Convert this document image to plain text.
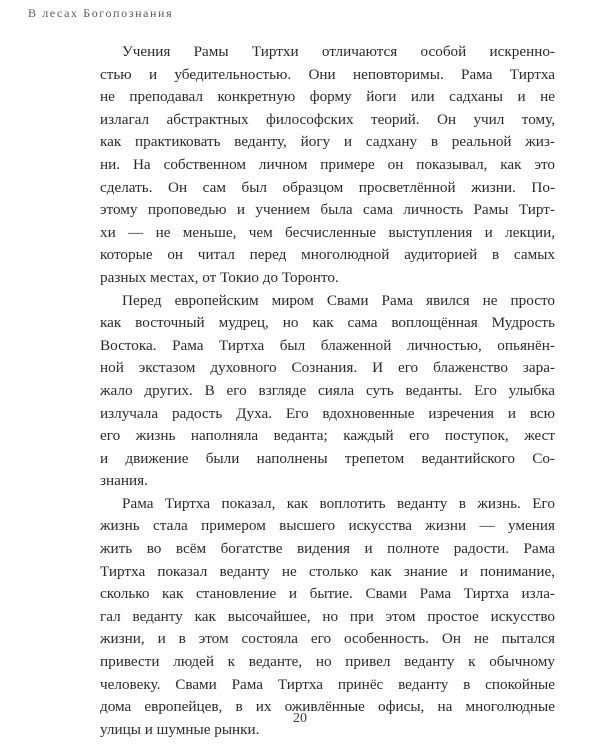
В лесах Богопознания
Учения Рамы Тиртхи отличаются особой искренно-
стью и убедительностью. Они неповторимы. Рама Тиртха
не преподавал конкретную форму йоги или садханы и не
излагал абстрактных философских теорий. Он учил тому,
как практиковать веданту, йогу и садхану в реальной жиз-
ни. На собственном личном примере он показывал, как это
сделать. Он сам был образцом просветлённой жизни. По-
этому проповедью и учением была сама личность Рамы Тирт-
хи — не меньше, чем бесчисленные выступления и лекции,
которые он читал перед многолюдной аудиторией в самых
разных местах, от Токио до Торонто.
Перед европейским миром Свами Рама явился не просто
как восточный мудрец, но как сама воплощённая Мудрость
Востока. Рама Тиртха был блаженной личностью, опьянён-
ной экстазом духовного Сознания. И его блаженство зара-
жало других. В его взгляде сияла суть веданты. Его улыбка
излучала радость Духа. Его вдохновенные изречения и всю
его жизнь наполняла веданта; каждый его поступок, жест
и движение были наполнены трепетом ведантийского Со-
знания.
Рама Тиртха показал, как воплотить веданту в жизнь. Его
жизнь стала примером высшего искусства жизни — умения
жить во всём богатстве видения и полноте радости. Рама
Тиртха показал веданту не столько как знание и понимание,
сколько как становление и бытие. Свами Рама Тиртха изла-
гал веданту как высочайшее, но при этом простое искусство
жизни, и в этом состояла его особенность. Он не пытался
привести людей к веданте, но привел веданту к обычному
человеку. Свами Рама Тиртха принёс веданту в спокойные
дома европейцев, в их оживлённые офисы, на многолюдные
улицы и шумные рынки.
20
